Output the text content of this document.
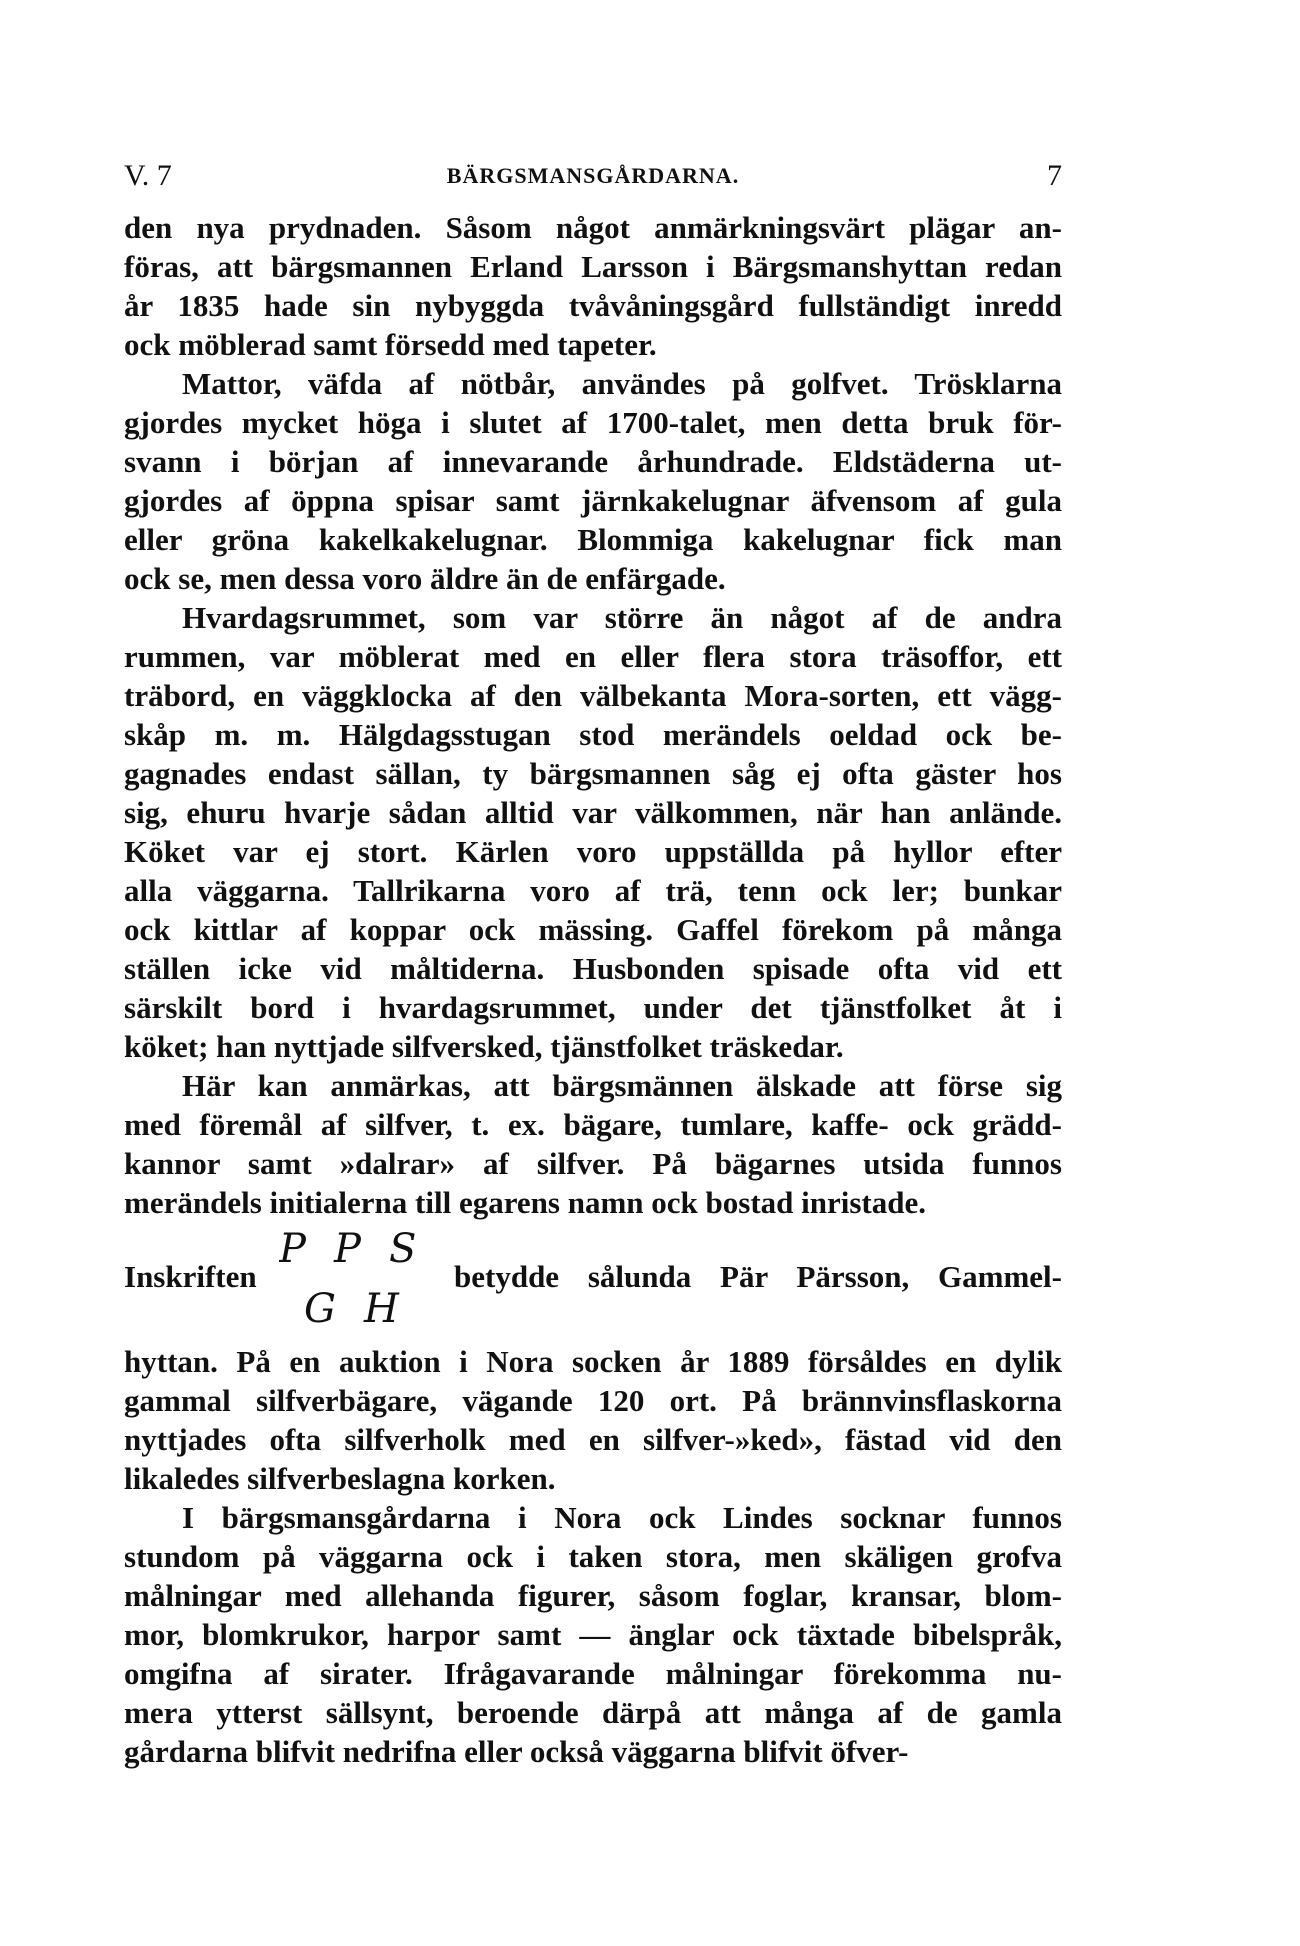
V. 7	BÄRGSMANSGÅRDARNA.	7
den nya prydnaden. Såsom något anmärkningsvärt plägar an-
föras, att bärgsmannen Erland Larsson i Bärgsmanshyttan redan
år 1835 hade sin nybyggda tvåvåningsgård fullständigt inredd
ock möblerad samt försedd med tapeter.
Mattor, väfda af nötbår, användes på golfvet. Trösklarna
gjordes mycket höga i slutet af 1700-talet, men detta bruk för-
svann i början af innevarande århundrade. Eldstäderna ut-
gjordes af öppna spisar samt järnkakelugnar äfvensom af gula
eller gröna kakelkakelugnar. Blommiga kakelugnar fick man
ock se, men dessa voro äldre än de enfärgade.
Hvardagsrummet, som var större än något af de andra
rummen, var möblerat med en eller flera stora träsoffor, ett
träbord, en väggklocka af den välbekanta Mora-sorten, ett vägg-
skåp m. m. Hälgdagsstugan stod merändels oeldad ock be-
gagnades endast sällan, ty bärgsmannen såg ej ofta gäster hos
sig, ehuru hvarje sådan alltid var välkommen, när han anlände.
Köket var ej stort. Kärlen voro uppställda på hyllor efter
alla väggarna. Tallrikarna voro af trä, tenn ock ler; bunkar
ock kittlar af koppar ock mässing. Gaffel förekom på många
ställen icke vid måltiderna. Husbonden spisade ofta vid ett
särskilt bord i hvardagsrummet, under det tjänstfolket åt i
köket; han nyttjade silfversked, tjänstfolket träskedar.
Här kan anmärkas, att bärgsmännen älskade att förse sig
med föremål af silfver, t. ex. bägare, tumlare, kaffe- ock grädd-
kannor samt »dalrar» af silfver. På bägarnes utsida funnos
merändels initialerna till egarens namn ock bostad inristade.
Inskriften
P P S
G H
betydde sålunda Pär Pärsson, Gammel-
hyttan. På en auktion i Nora socken år 1889 försåldes en dylik
gammal silfverbägare, vägande 120 ort. På brännvinsflaskorna
nyttjades ofta silfverholk med en silfver-»ked», fästad vid den
likaledes silfverbeslagna korken.
I bärgsmansgårdarna i Nora ock Lindes socknar funnos
stundom på väggarna ock i taken stora, men skäligen grofva
målningar med allehanda figurer, såsom foglar, kransar, blom-
mor, blomkrukor, harpor samt — änglar ock täxtade bibelspråk,
omgifna af sirater. Ifrågavarande målningar förekomma nu-
mera ytterst sällsynt, beroende därpå att många af de gamla
gårdarna blifvit nedrifna eller också väggarna blifvit öfver-
